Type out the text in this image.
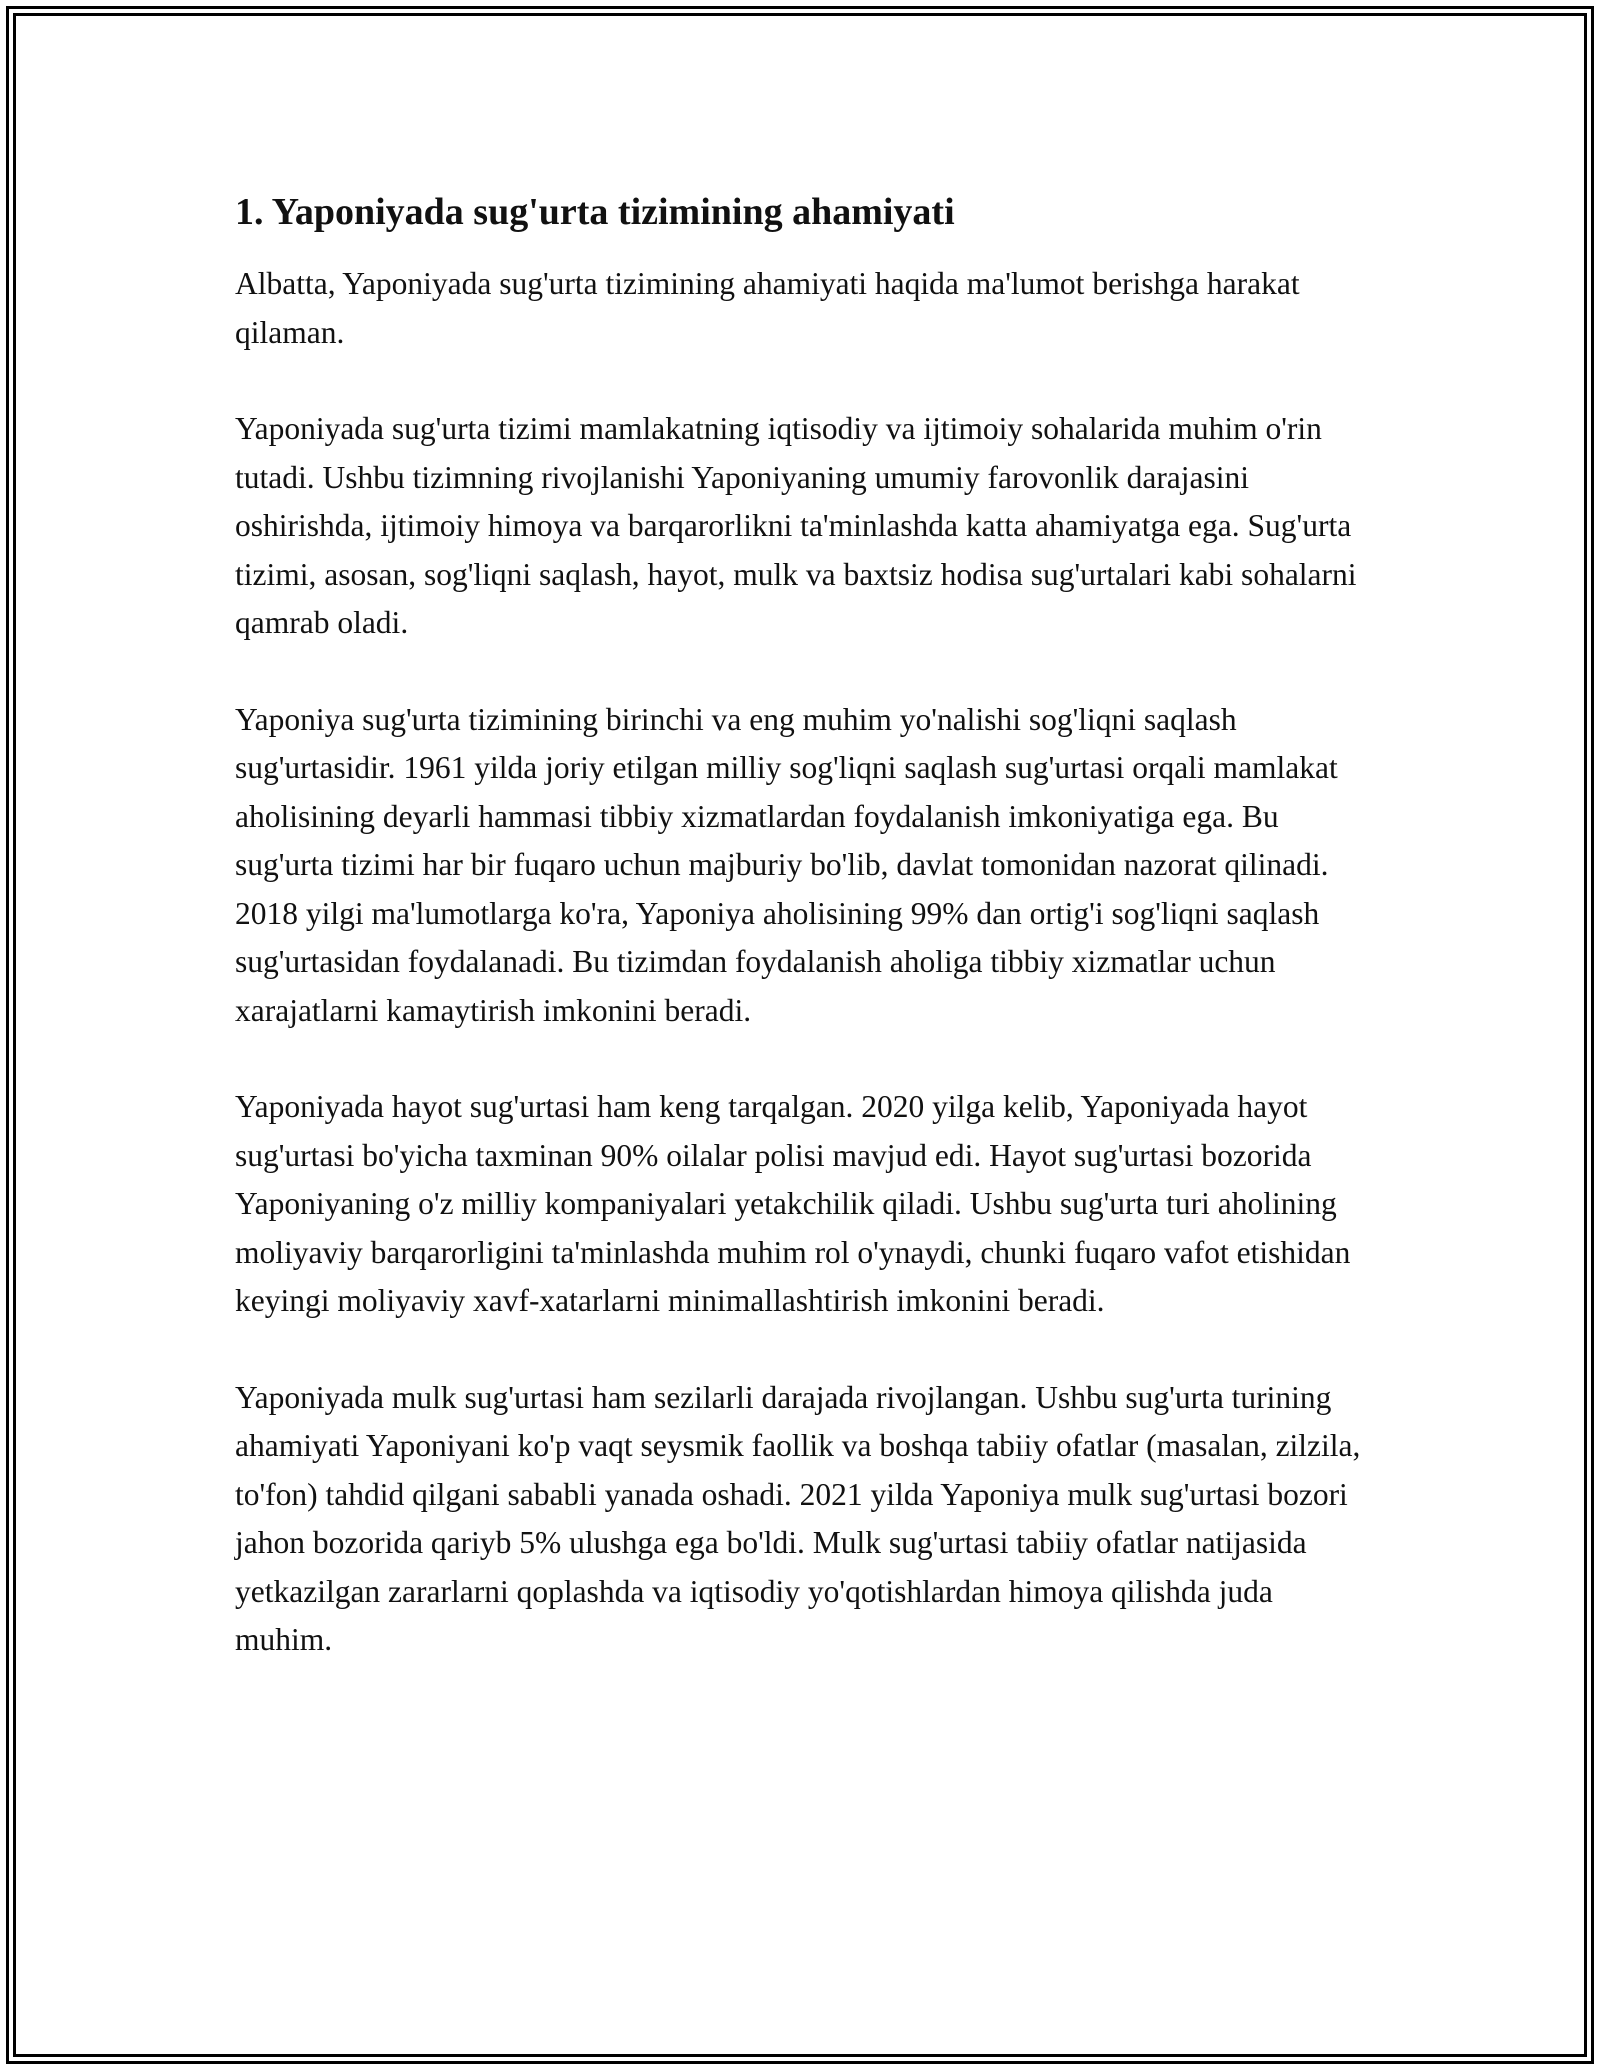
1. Yaponiyada sug'urta tizimining ahamiyati

Albatta, Yaponiyada sug'urta tizimining ahamiyati haqida ma'lumot berishga harakat qilaman.

Yaponiyada sug'urta tizimi mamlakatning iqtisodiy va ijtimoiy sohalarida muhim o'rin tutadi. Ushbu tizimning rivojlanishi Yaponiyaning umumiy farovonlik darajasini oshirishda, ijtimoiy himoya va barqarorlikni ta'minlashda katta ahamiyatga ega. Sug'urta tizimi, asosan, sog'liqni saqlash, hayot, mulk va baxtsiz hodisa sug'urtalari kabi sohalarni qamrab oladi.

Yaponiya sug'urta tizimining birinchi va eng muhim yo'nalishi sog'liqni saqlash sug'urtasidir. 1961 yilda joriy etilgan milliy sog'liqni saqlash sug'urtasi orqali mamlakat aholisining deyarli hammasi tibbiy xizmatlardan foydalanish imkoniyatiga ega. Bu sug'urta tizimi har bir fuqaro uchun majburiy bo'lib, davlat tomonidan nazorat qilinadi. 2018 yilgi ma'lumotlarga ko'ra, Yaponiya aholisining 99% dan ortig'i sog'liqni saqlash sug'urtasidan foydalanadi. Bu tizimdan foydalanish aholiga tibbiy xizmatlar uchun xarajatlarni kamaytirish imkonini beradi.

Yaponiyada hayot sug'urtasi ham keng tarqalgan. 2020 yilga kelib, Yaponiyada hayot sug'urtasi bo'yicha taxminan 90% oilalar polisi mavjud edi. Hayot sug'urtasi bozorida Yaponiyaning o'z milliy kompaniyalari yetakchilik qiladi. Ushbu sug'urta turi aholining moliyaviy barqarorligini ta'minlashda muhim rol o'ynaydi, chunki fuqaro vafot etishidan keyingi moliyaviy xavf-xatarlarni minimallashtirish imkonini beradi.

Yaponiyada mulk sug'urtasi ham sezilarli darajada rivojlangan. Ushbu sug'urta turining ahamiyati Yaponiyani ko'p vaqt seysmik faollik va boshqa tabiiy ofatlar (masalan, zilzila, to'fon) tahdid qilgani sababli yanada oshadi. 2021 yilda Yaponiya mulk sug'urtasi bozori jahon bozorida qariyb 5% ulushga ega bo'ldi. Mulk sug'urtasi tabiiy ofatlar natijasida yetkazilgan zararlarni qoplashda va iqtisodiy yo'qotishlardan himoya qilishda juda muhim.
